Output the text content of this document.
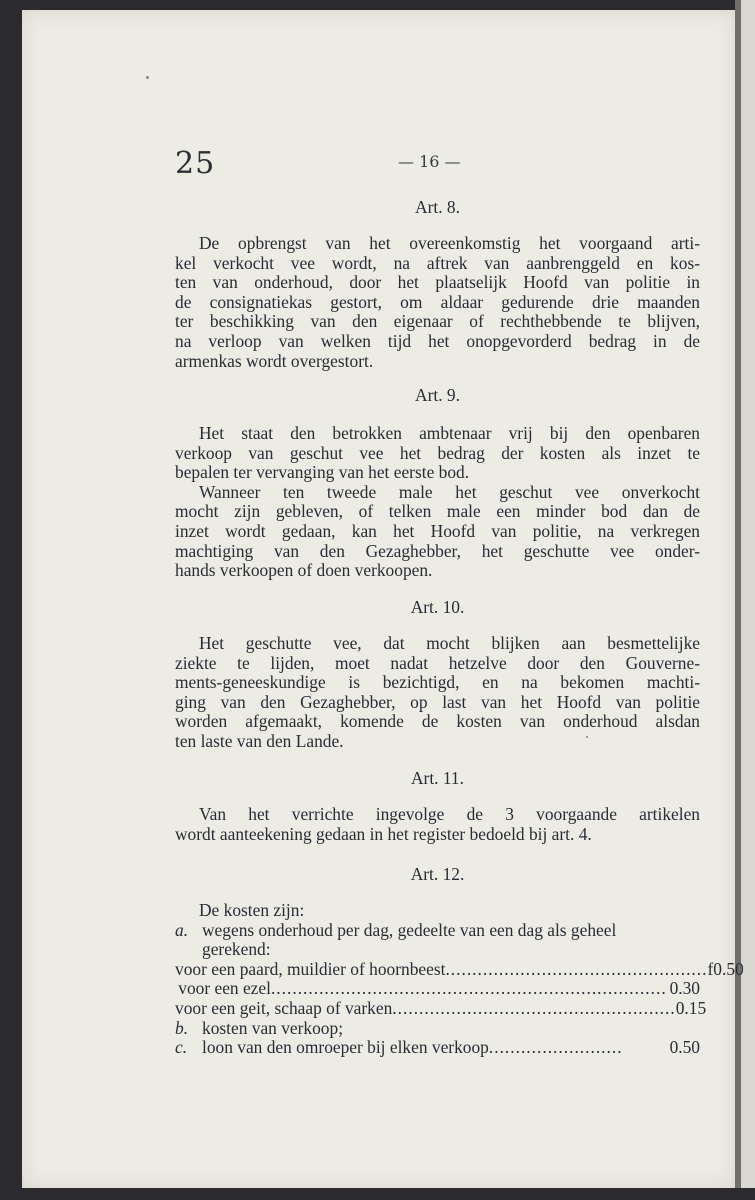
25	— 16 —
Art. 8.
De opbrengst van het overeenkomstig het voorgaand arti-
kel verkocht vee wordt, na aftrek van aanbrenggeld en kos-
ten van onderhoud, door het plaatselijk Hoofd van politie in
de consignatiekas gestort, om aldaar gedurende drie maanden
ter beschikking van den eigenaar of rechthebbende te blijven,
na verloop van welken tijd het onopgevorderd bedrag in de
armenkas wordt overgestort.
Art. 9.
Het staat den betrokken ambtenaar vrij bij den openbaren
verkoop van geschut vee het bedrag der kosten als inzet te
bepalen ter vervanging van het eerste bod.
Wanneer ten tweede male het geschut vee onverkocht
mocht zijn gebleven, of telken male een minder bod dan de
inzet wordt gedaan, kan het Hoofd van politie, na verkregen
machtiging van den Gezaghebber, het geschutte vee onder-
hands verkoopen of doen verkoopen.
Art. 10.
Het geschutte vee, dat mocht blijken aan besmettelijke
ziekte te lijden, moet nadat hetzelve door den Gouverne-
ments-geneeskundige is bezichtigd, en na bekomen machti-
ging van den Gezaghebber, op last van het Hoofd van politie
worden afgemaakt, komende de kosten van onderhoud alsdan
ten laste van den Lande.
Art. 11.
Van het verrichte ingevolge de 3 voorgaande artikelen
wordt aanteekening gedaan in het register bedoeld bij art. 4.
Art. 12.
De kosten zijn:
a. wegens onderhoud per dag, gedeelte van een dag als geheel
gerekend:
voor een paard, muildier of hoornbeest ................................................. f 0.50
voor een ezel .......................................................................... 0.30
voor een geit, schaap of varken ..................................................... 0.15
b. kosten van verkoop;
c. loon van den omroeper bij elken verkoop .........................	0.50
